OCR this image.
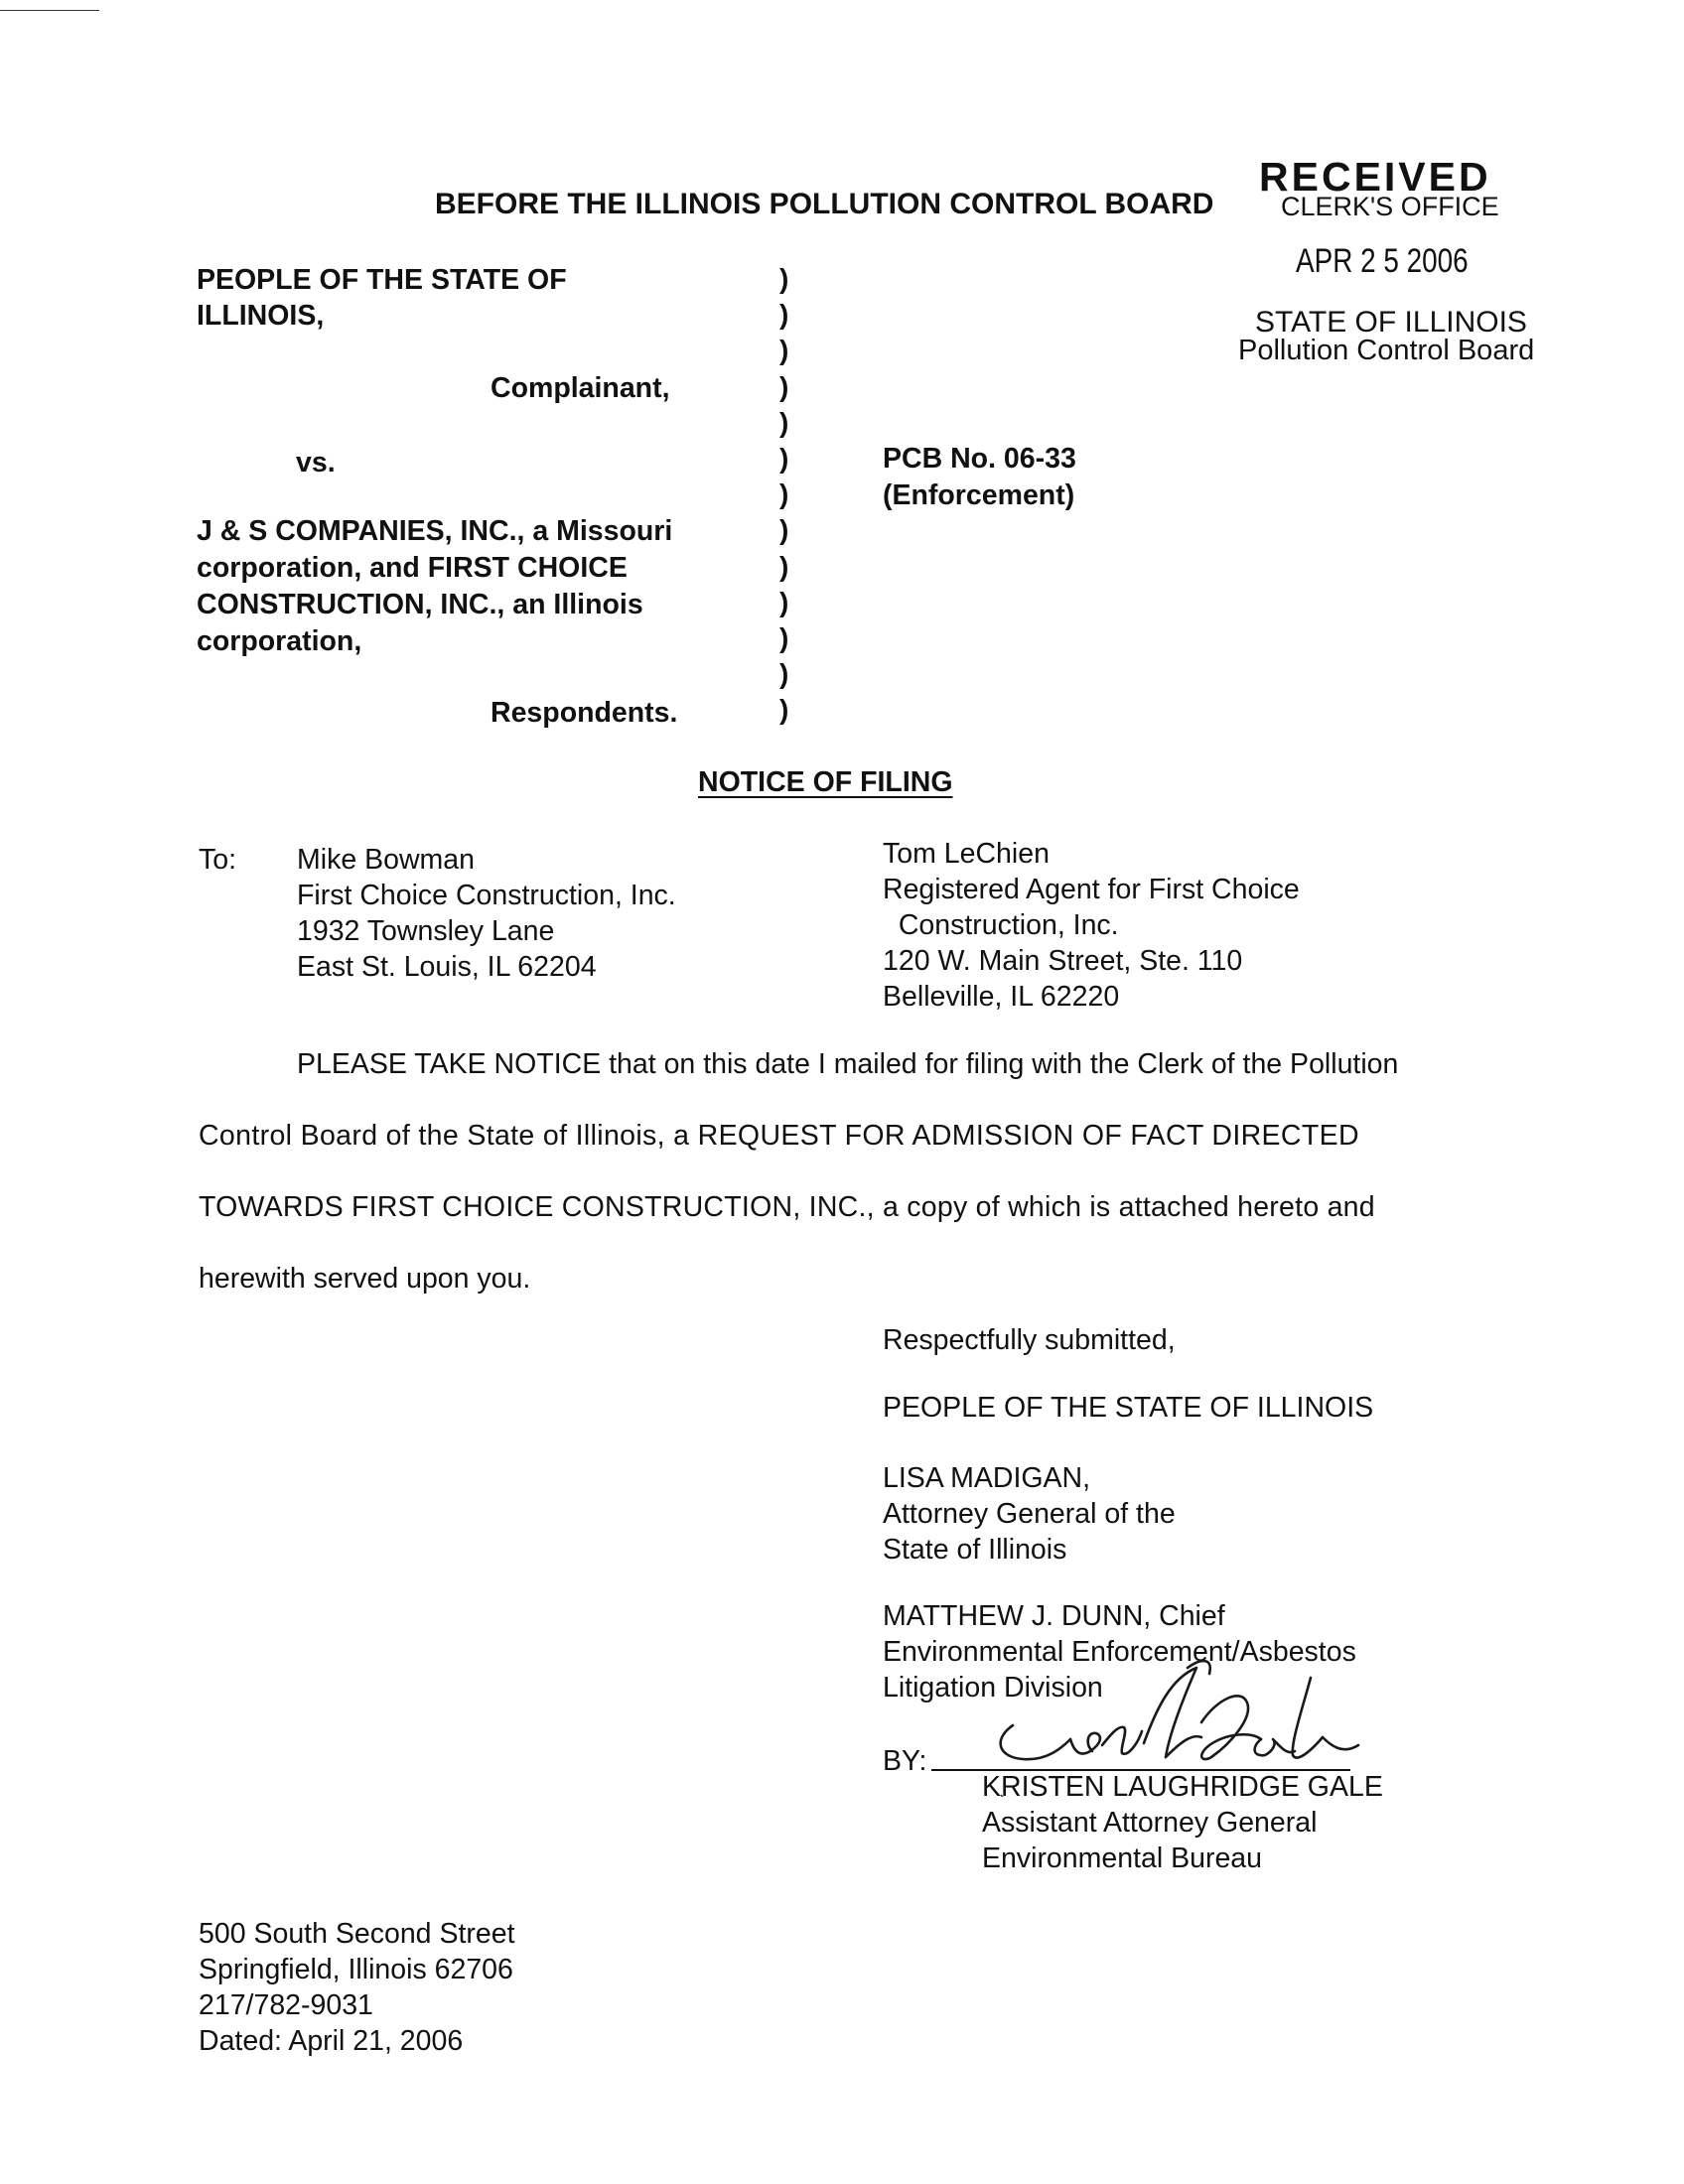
RECEIVED
CLERK'S OFFICE
APR 2 5 2006
STATE OF ILLINOIS
Pollution Control Board
BEFORE THE ILLINOIS POLLUTION CONTROL BOARD
PEOPLE OF THE STATE OF
ILLINOIS,
Complainant,
vs.
J & S COMPANIES, INC., a Missouri
corporation, and FIRST CHOICE
CONSTRUCTION, INC., an Illinois
corporation,
Respondents.
)
)
)
)
)
)
)
)
)
)
)
)
)
PCB No. 06-33
(Enforcement)
NOTICE OF FILING
To: Mike Bowman
First Choice Construction, Inc.
1932 Townsley Lane
East St. Louis, IL 62204
Tom LeChien
Registered Agent for First Choice
Construction, Inc.
120 W. Main Street, Ste. 110
Belleville, IL 62220
PLEASE TAKE NOTICE that on this date I mailed for filing with the Clerk of the Pollution
Control Board of the State of Illinois, a REQUEST FOR ADMISSION OF FACT DIRECTED
TOWARDS FIRST CHOICE CONSTRUCTION, INC., a copy of which is attached hereto and
herewith served upon you.
Respectfully submitted,
PEOPLE OF THE STATE OF ILLINOIS
LISA MADIGAN,
Attorney General of the
State of Illinois
MATTHEW J. DUNN, Chief
Environmental Enforcement/Asbestos
Litigation Division
BY:
KRISTEN LAUGHRIDGE GALE
Assistant Attorney General
Environmental Bureau
500 South Second Street
Springfield, Illinois 62706
217/782-9031
Dated: April 21, 2006
